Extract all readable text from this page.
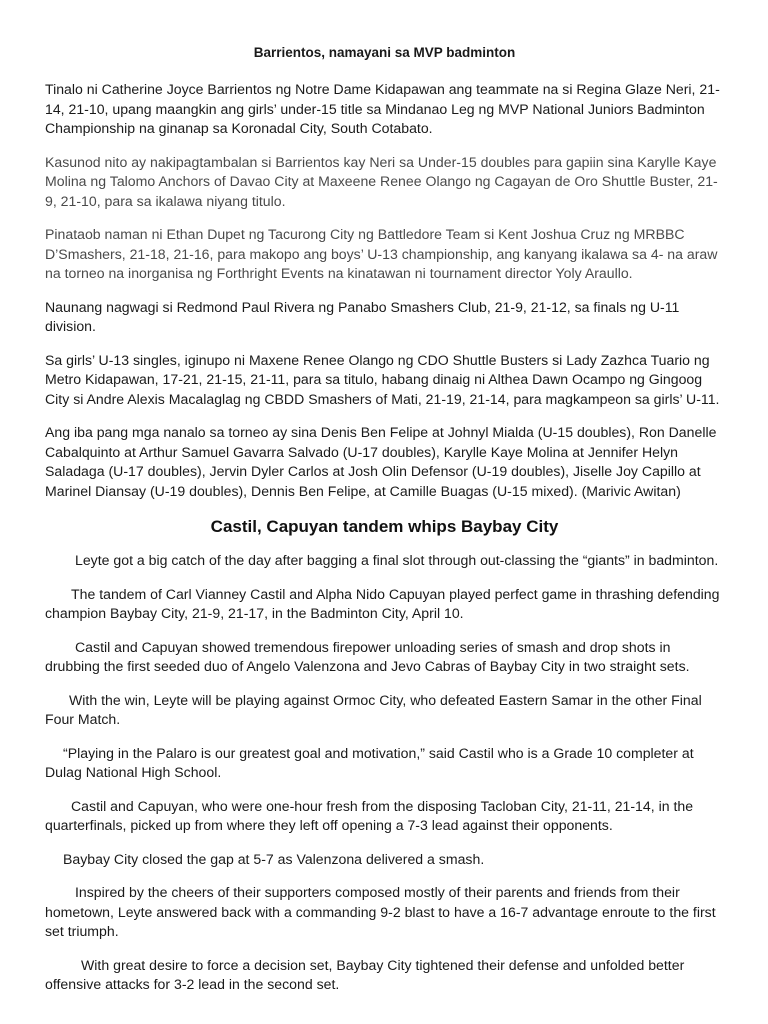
Barrientos, namayani sa MVP badminton

Tinalo ni Catherine Joyce Barrientos ng Notre Dame Kidapawan ang teammate na si Regina Glaze Neri, 21-14, 21-10, upang maangkin ang girls’ under-15 title sa Mindanao Leg ng MVP National Juniors Badminton Championship na ginanap sa Koronadal City, South Cotabato.

Kasunod nito ay nakipagtambalan si Barrientos kay Neri sa Under-15 doubles para gapiin sina Karylle Kaye Molina ng Talomo Anchors of Davao City at Maxeene Renee Olango ng Cagayan de Oro Shuttle Buster, 21-9, 21-10, para sa ikalawa niyang titulo.

Pinataob naman ni Ethan Dupet ng Tacurong City ng Battledore Team si Kent Joshua Cruz ng MRBBC D’Smashers, 21-18, 21-16, para makopo ang boys’ U-13 championship, ang kanyang ikalawa sa 4- na araw na torneo na inorganisa ng Forthright Events na kinatawan ni tournament director Yoly Araullo.

Naunang nagwagi si Redmond Paul Rivera ng Panabo Smashers Club, 21-9, 21-12, sa finals ng U-11 division.

Sa girls’ U-13 singles, iginupo ni Maxene Renee Olango ng CDO Shuttle Busters si Lady Zazhca Tuario ng Metro Kidapawan, 17-21, 21-15, 21-11, para sa titulo, habang dinaig ni Althea Dawn Ocampo ng Gingoog City si Andre Alexis Macalaglag ng CBDD Smashers of Mati, 21-19, 21-14, para magkampeon sa girls’ U-11.

Ang iba pang mga nanalo sa torneo ay sina Denis Ben Felipe at Johnyl Mialda (U-15 doubles), Ron Danelle Cabalquinto at Arthur Samuel Gavarra Salvado (U-17 doubles), Karylle Kaye Molina at Jennifer Helyn Saladaga (U-17 doubles), Jervin Dyler Carlos at Josh Olin Defensor (U-19 doubles), Jiselle Joy Capillo at Marinel Diansay (U-19 doubles), Dennis Ben Felipe, at Camille Buagas (U-15 mixed). (Marivic Awitan)

Castil, Capuyan tandem whips Baybay City

Leyte got a big catch of the day after bagging a final slot through out-classing the “giants” in badminton.

The tandem of Carl Vianney Castil and Alpha Nido Capuyan played perfect game in thrashing defending champion Baybay City, 21-9, 21-17, in the Badminton City, April 10.

Castil and Capuyan showed tremendous firepower unloading series of smash and drop shots in drubbing the first seeded duo of Angelo Valenzona and Jevo Cabras of Baybay City in two straight sets.

With the win, Leyte will be playing against Ormoc City, who defeated Eastern Samar in the other Final Four Match.

“Playing in the Palaro is our greatest goal and motivation,” said Castil who is a Grade 10 completer at Dulag National High School.

Castil and Capuyan, who were one-hour fresh from the disposing Tacloban City, 21-11, 21-14, in the quarterfinals, picked up from where they left off opening a 7-3 lead against their opponents.

Baybay City closed the gap at 5-7 as Valenzona delivered a smash.

Inspired by the cheers of their supporters composed mostly of their parents and friends from their hometown, Leyte answered back with a commanding 9-2 blast to have a 16-7 advantage enroute to the first set triumph.

With great desire to force a decision set, Baybay City tightened their defense and unfolded better offensive attacks for 3-2 lead in the second set.
